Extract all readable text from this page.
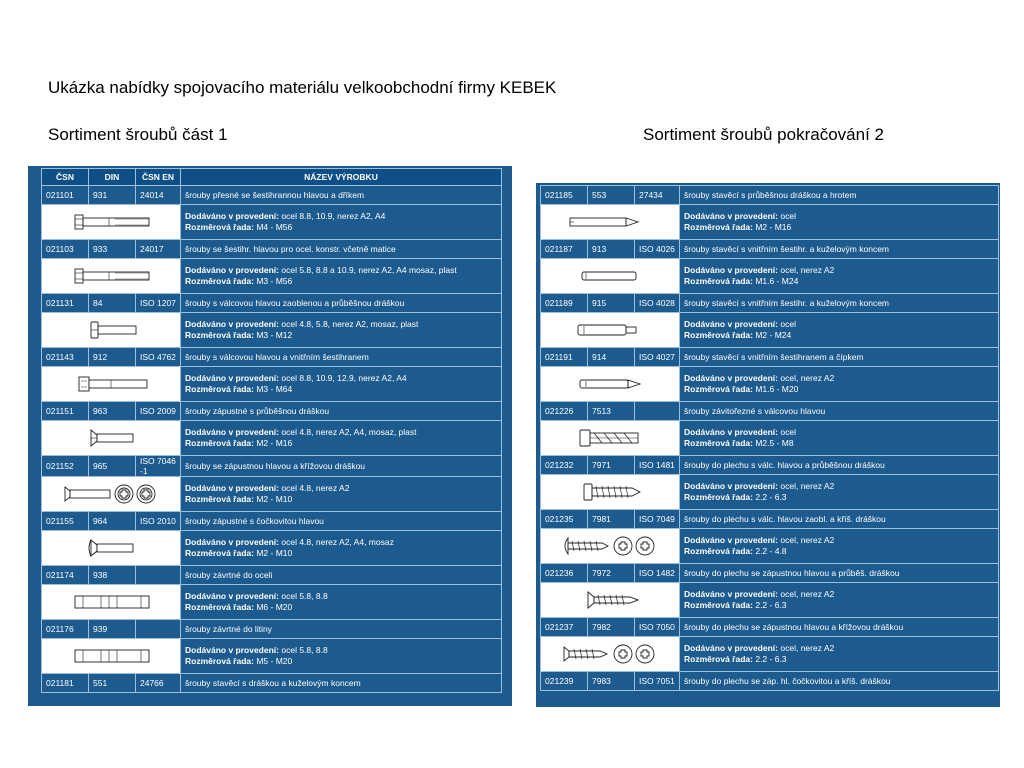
Ukázka nabídky spojovacího materiálu velkoobchodní firmy KEBEK
Sortiment šroubů část 1	Sortiment šroubů pokračování 2
ČSN	DIN	ČSN EN	NÁZEV VÝROBKU
021101	931	24014	šrouby přesné se šestihrannou hlavou a dříkem

	Dodáváno v provedení: ocel 8.8, 10.9, nerez A2, A4
Rozměrová řada: M4 - M56
021103	933	24017	šrouby se šestihr. hlavou pro ocel. konstr. včetně matice

	Dodáváno v provedení: ocel 5.8, 8.8 a 10.9, nerez A2, A4 mosaz, plast
Rozměrová řada: M3 - M56
021131	84	ISO 1207	šrouby s válcovou hlavou zaoblenou a průběšnou dráškou

	Dodáváno v provedení: ocel 4.8, 5.8, nerez A2, mosaz, plast
Rozměrová řada: M3 - M12
021143	912	ISO 4762	šrouby s válcovou hlavou a vnitřním šestihranem

	Dodáváno v provedení: ocel 8.8, 10.9, 12.9, nerez A2, A4
Rozměrová řada: M3 - M64
021151	963	ISO 2009	šrouby zápustné s průběšnou dráškou

	Dodáváno v provedení: ocel 4.8, nerez A2, A4, mosaz, plast
Rozměrová řada: M2 - M16
021152	965	ISO 7046 -1	šrouby se zápustnou hlavou a křížovou dráškou

	Dodáváno v provedení: ocel 4.8, nerez A2
Rozměrová řada: M2 - M10
021155	964	ISO 2010	šrouby zápustné s čočkovitou hlavou

	Dodáváno v provedení: ocel 4.8, nerez A2, A4, mosaz
Rozměrová řada: M2 - M10
021174	938		šrouby závrtné do oceli

	Dodáváno v provedení: ocel 5.8, 8.8
Rozměrová řada: M6 - M20
021176	939		šrouby závrtné do litiny

	Dodáváno v provedení: ocel 5.8, 8.8
Rozměrová řada: M5 - M20
021181	551	24766	šrouby stavěcí s dráškou a kuželovým koncem
021185	553	27434	šrouby stavěcí s průběšnou dráškou a hrotem

	Dodáváno v provedení: ocel
Rozměrová řada: M2 - M16
021187	913	ISO 4026	šrouby stavěcí s vnitřním šestihr. a kuželovým koncem

	Dodáváno v provedení: ocel, nerez A2
Rozměrová řada: M1.6 - M24
021189	915	ISO 4028	šrouby stavěcí s vnitřním šestihr. a kuželovým koncem

	Dodáváno v provedení: ocel
Rozměrová řada: M2 - M24
021191	914	ISO 4027	šrouby stavěcí s vnitřním šestihranem a čípkem

	Dodáváno v provedení: ocel, nerez A2
Rozměrová řada: M1.6 - M20
021226	7513		šrouby závitořezné s válcovou hlavou

	Dodáváno v provedení: ocel
Rozměrová řada: M2.5 - M8
021232	7971	ISO 1481	šrouby do plechu s válc. hlavou a průběšnou dráškou

	Dodáváno v provedení: ocel, nerez A2
Rozměrová řada: 2.2 - 6.3
021235	7981	ISO 7049	šrouby do plechu s válc. hlavou zaobl. a kříš. dráškou

	Dodáváno v provedení: ocel, nerez A2
Rozměrová řada: 2.2 - 4.8
021236	7972	ISO 1482	šrouby do plechu se zápustnou hlavou a průběš. dráškou

	Dodáváno v provedení: ocel, nerez A2
Rozměrová řada: 2.2 - 6.3
021237	7982	ISO 7050	šrouby do plechu se zápustnou hlavou a křížovou dráškou

	Dodáváno v provedení: ocel, nerez A2
Rozměrová řada: 2.2 - 6.3
021239	7983	ISO 7051	šrouby do plechu se záp. hl. čočkovitou a kříš. dráškou
